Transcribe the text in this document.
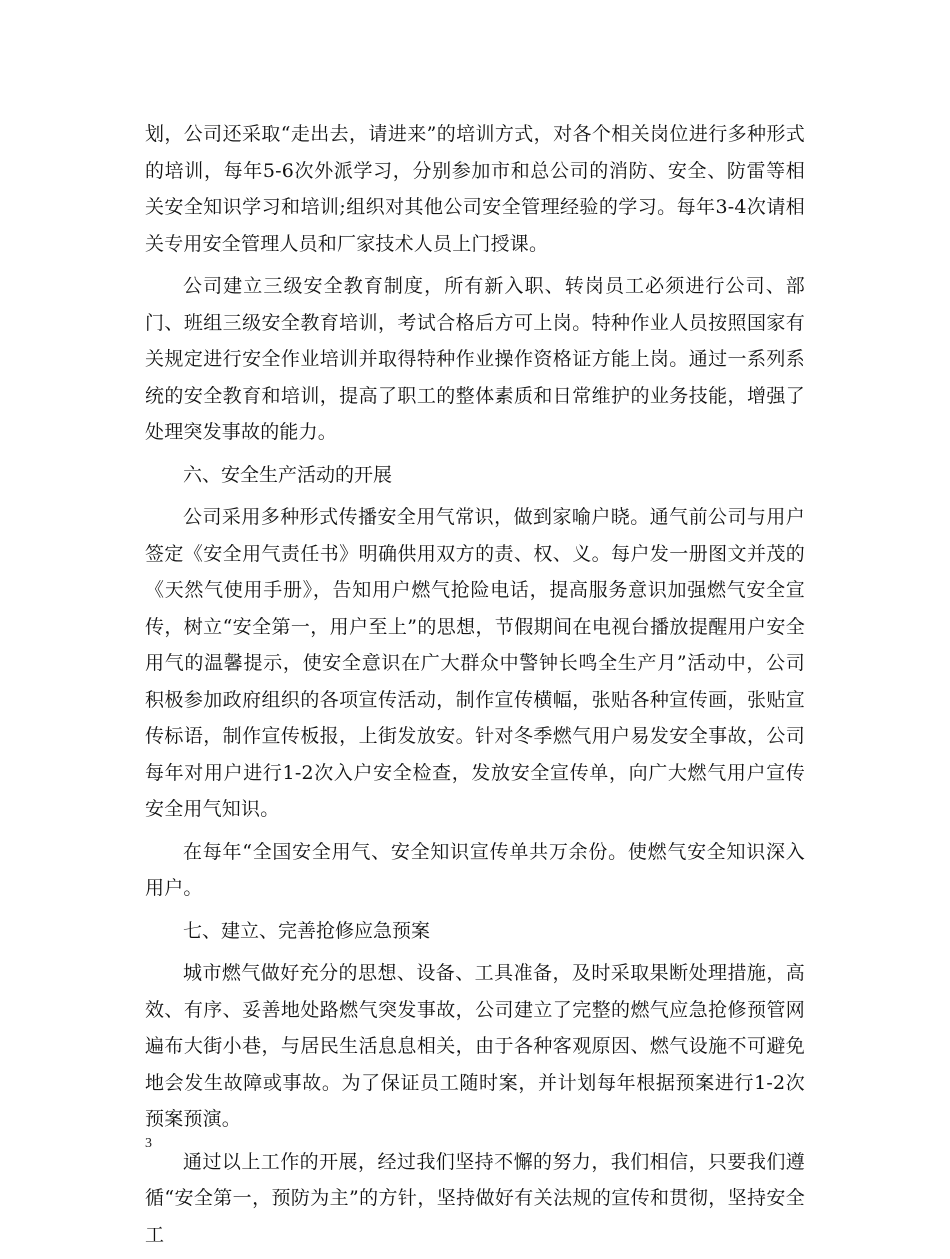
划，公司还采取“走出去，请进来”的培训方式，对各个相关岗位进行多种形式的培训，每年5-6次外派学习，分别参加市和总公司的消防、安全、防雷等相关安全知识学习和培训;组织对其他公司安全管理经验的学习。每年3-4次请相关专用安全管理人员和厂家技术人员上门授课。

公司建立三级安全教育制度，所有新入职、转岗员工必须进行公司、部门、班组三级安全教育培训，考试合格后方可上岗。特种作业人员按照国家有关规定进行安全作业培训并取得特种作业操作资格证方能上岗。通过一系列系统的安全教育和培训，提高了职工的整体素质和日常维护的业务技能，增强了处理突发事故的能力。

六、安全生产活动的开展

公司采用多种形式传播安全用气常识，做到家喻户晓。通气前公司与用户签定《安全用气责任书》明确供用双方的责、权、义。每户发一册图文并茂的《天然气使用手册》，告知用户燃气抢险电话，提高服务意识加强燃气安全宣传，树立“安全第一，用户至上”的思想，节假期间在电视台播放提醒用户安全用气的温馨提示，使安全意识在广大群众中警钟长鸣全生产月”活动中，公司积极参加政府组织的各项宣传活动，制作宣传横幅，张贴各种宣传画，张贴宣传标语，制作宣传板报，上街发放安。针对冬季燃气用户易发安全事故，公司每年对用户进行1-2次入户安全检查，发放安全宣传单，向广大燃气用户宣传安全用气知识。

在每年“全国安全用气、安全知识宣传单共万余份。使燃气安全知识深入用户。

七、建立、完善抢修应急预案

城市燃气做好充分的思想、设备、工具准备，及时采取果断处理措施，高效、有序、妥善地处路燃气突发事故，公司建立了完整的燃气应急抢修预管网遍布大街小巷，与居民生活息息相关，由于各种客观原因、燃气设施不可避免地会发生故障或事故。为了保证员工随时案，并计划每年根据预案进行1-2次预案预演。

通过以上工作的开展，经过我们坚持不懈的努力，我们相信，只要我们遵循“安全第一，预防为主”的方针，坚持做好有关法规的宣传和贯彻，坚持安全工

3
